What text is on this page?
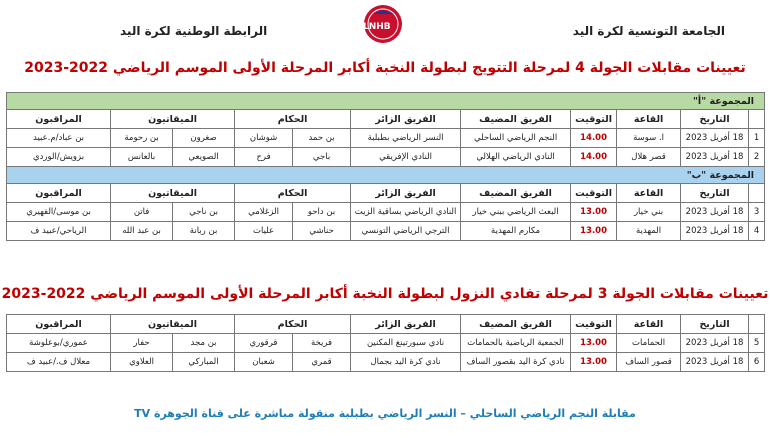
الجامعة التونسية لكرة اليد
LNHB
الرابطة الوطنية لكرة اليد
تعيينات مقابلات الجولة 4 لمرحلة التتويج لبطولة النخبة أكابر المرحلة الأولى الموسم الرياضي 2022-2023
المجموعة "أ"										
	التاريخ	القاعة	التوقيت	الفريق المضيف	الفريق الزائر	الحكام		الميقاتيون		المراقبون
1	18 أفريل 2023	ا. سوسة	14.00	النجم الرياضي الساحلي	النسر الرياضي بطبلبة	بن حمد	شوشان	صغرون	بن رحومة	بن عباد/م.عبيد
2	18 أفريل 2023	قصر هلال	14.00	النادي الرياضي الهلالي	النادي الإفريقي	باجي	فرح	الصويعي	بالعانس	بزويش/الوردي
المجموعة "ب"										
	التاريخ	القاعة	التوقيت	الفريق المضيف	الفريق الزائر	الحكام		الميقاتيون		المراقبون
3	18 أفريل 2023	بني خيار	13.00	البعث الرياضي ببني خيار	النادي الرياضي بساقية الزيت	بن داحو	الزغلامي	بن ناجي	فاتن	بن موسى/الفهيري
4	18 أفريل 2023	المهدية	13.00	مكارم المهدية	الترجي الرياضي التونسي	حناشي	عليات	بن ربانة	بن عبد الله	الرياحي/عبيد ف
تعيينات مقابلات الجولة 3 لمرحلة تفادي النزول لبطولة النخبة أكابر المرحلة الأولى الموسم الرياضي 2022-2023
	التاريخ	القاعة	التوقيت	الفريق المضيف	الفريق الزائر	الحكام		الميقاتيون		المراقبون
5	18 أفريل 2023	الحمامات	13.00	الجمعية الرياضية بالحمامات	نادي سبورتينغ المكنين	فريخة	قرقوري	بن مجد	حفار	عموري/بوعلوشة
6	18 أفريل 2023	قصور الساف	13.00	نادي كرة اليد بقصور الساف	نادي كرة اليد بجمال	قمري	شعبان	المباركي	العلاوي	معلال ف./عبيد ف
مقابلة النجم الرياضي الساحلي – النسر الرياضي بطبلبة منقولة مباشرة على قناة الجوهرة TV
